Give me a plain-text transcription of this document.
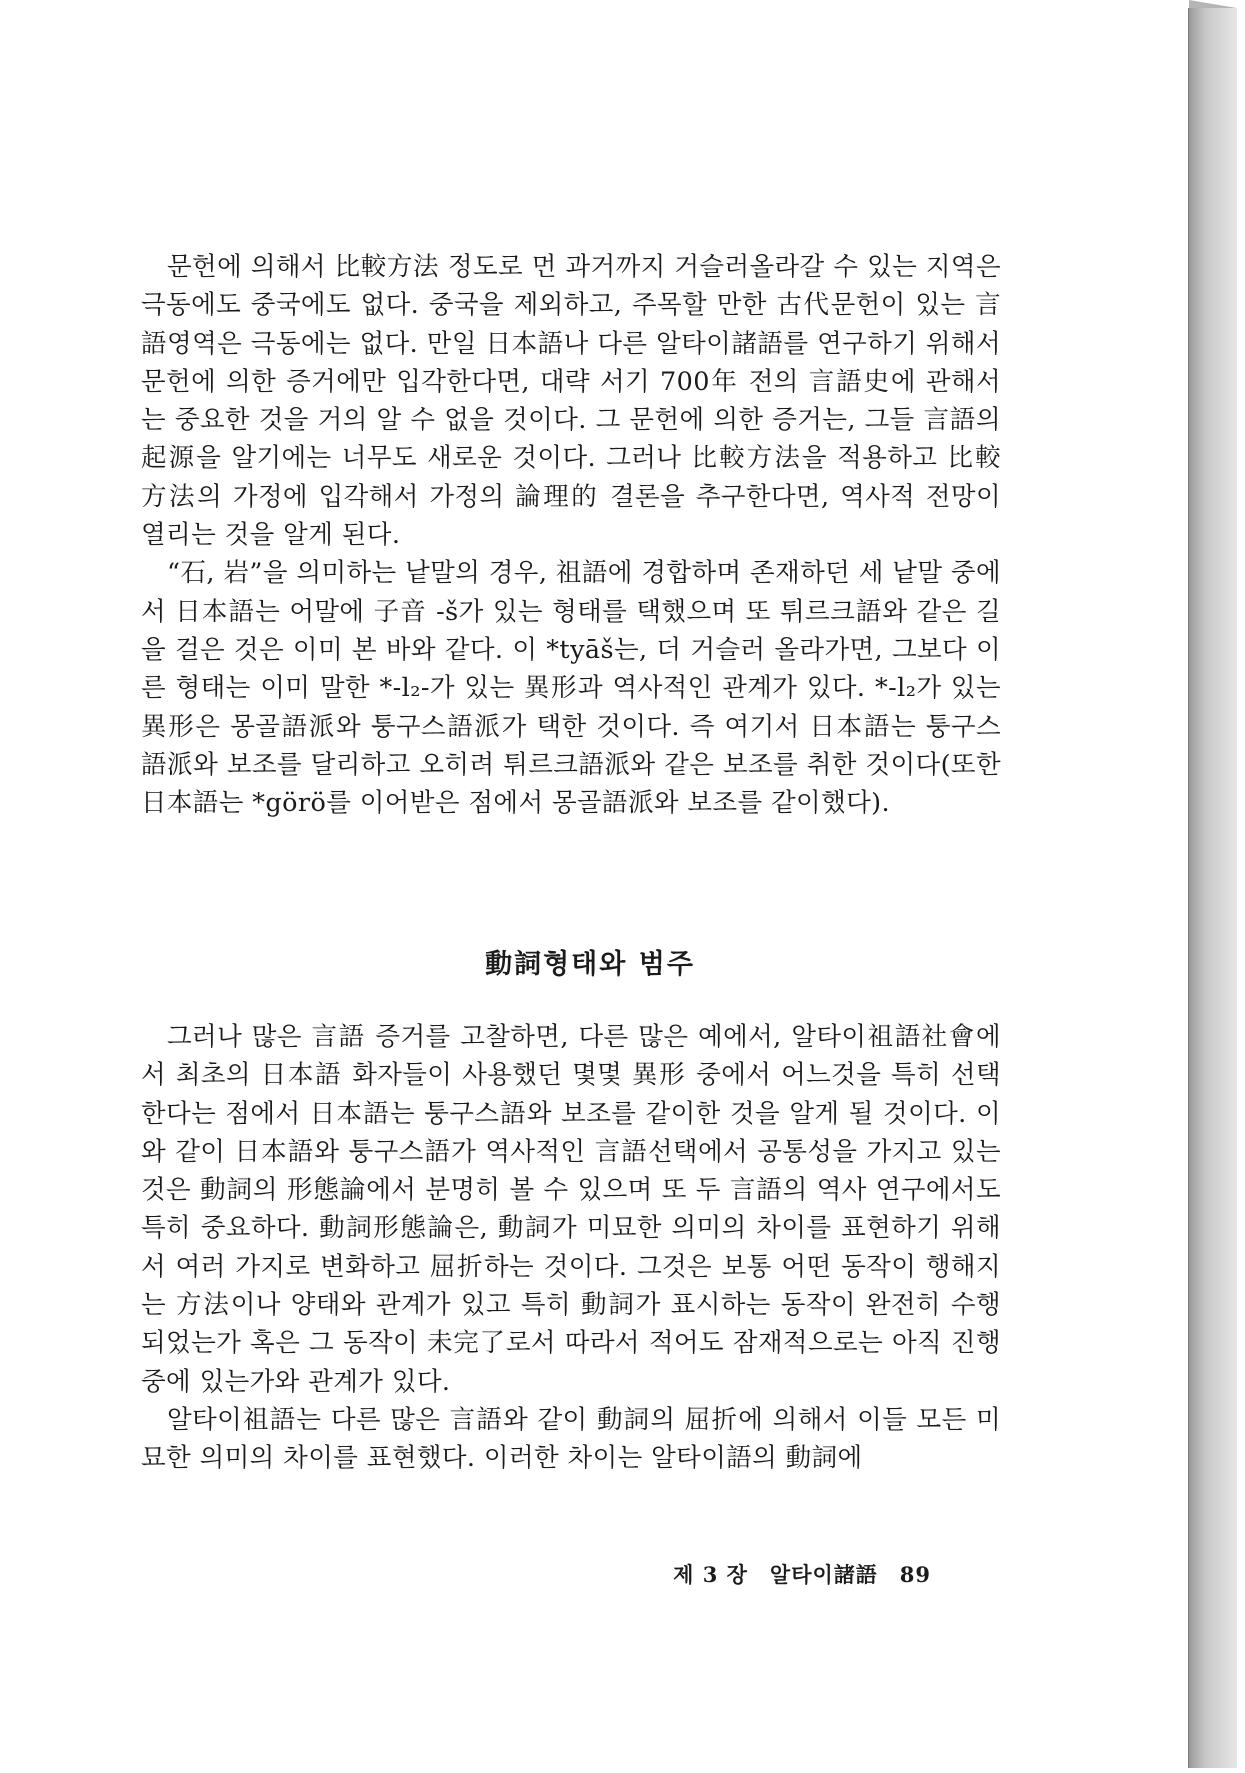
문헌에 의해서 比較方法 정도로 먼 과거까지 거슬러올라갈 수 있는 지역은 극동에도 중국에도 없다. 중국을 제외하고, 주목할 만한 古代문헌이 있는 言語영역은 극동에는 없다. 만일 日本語나 다른 알타이諸語를 연구하기 위해서 문헌에 의한 증거에만 입각한다면, 대략 서기 700年 전의 言語史에 관해서는 중요한 것을 거의 알 수 없을 것이다. 그 문헌에 의한 증거는, 그들 言語의 起源을 알기에는 너무도 새로운 것이다. 그러나 比較方法을 적용하고 比較方法의 가정에 입각해서 가정의 論理的 결론을 추구한다면, 역사적 전망이 열리는 것을 알게 된다.

“石, 岩”을 의미하는 낱말의 경우, 祖語에 경합하며 존재하던 세 낱말 중에서 日本語는 어말에 子音 -š가 있는 형태를 택했으며 또 튀르크語와 같은 길을 걸은 것은 이미 본 바와 같다. 이 *tyāš는, 더 거슬러 올라가면, 그보다 이른 형태는 이미 말한 *-l₂-가 있는 異形과 역사적인 관계가 있다. *-l₂가 있는 異形은 몽골語派와 퉁구스語派가 택한 것이다. 즉 여기서 日本語는 퉁구스語派와 보조를 달리하고 오히려 튀르크語派와 같은 보조를 취한 것이다(또한 日本語는 *görö를 이어받은 점에서 몽골語派와 보조를 같이했다).

動詞형태와 범주

그러나 많은 言語 증거를 고찰하면, 다른 많은 예에서, 알타이祖語社會에서 최초의 日本語 화자들이 사용했던 몇몇 異形 중에서 어느것을 특히 선택한다는 점에서 日本語는 퉁구스語와 보조를 같이한 것을 알게 될 것이다. 이와 같이 日本語와 퉁구스語가 역사적인 言語선택에서 공통성을 가지고 있는 것은 動詞의 形態論에서 분명히 볼 수 있으며 또 두 言語의 역사 연구에서도 특히 중요하다. 動詞形態論은, 動詞가 미묘한 의미의 차이를 표현하기 위해서 여러 가지로 변화하고 屈折하는 것이다. 그것은 보통 어떤 동작이 행해지는 方法이나 양태와 관계가 있고 특히 動詞가 표시하는 동작이 완전히 수행되었는가 혹은 그 동작이 未完了로서 따라서 적어도 잠재적으로는 아직 진행중에 있는가와 관계가 있다.

알타이祖語는 다른 많은 言語와 같이 動詞의 屈折에 의해서 이들 모든 미묘한 의미의 차이를 표현했다. 이러한 차이는 알타이語의 動詞에

제 3 장 알타이諸語 89
